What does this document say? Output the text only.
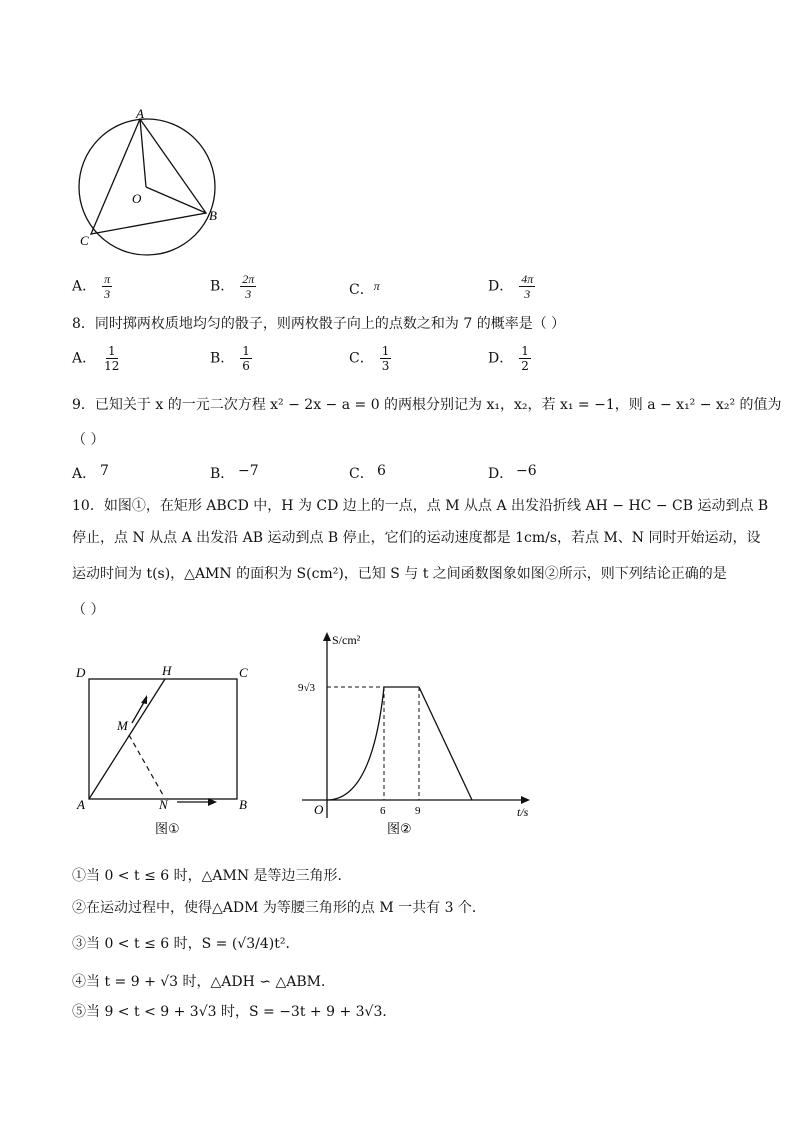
A
B
C
O
A． $\frac{\pi}{3}$	B． $\frac{2\pi}{3}$	C．π	D． $\frac{4\pi}{3}$
8．同时掷两枚质地均匀的骰子，则两枚骰子向上的点数之和为 7 的概率是（ ）
A． $\frac{1}{12}$	B． $\frac{1}{6}$	C． $\frac{1}{3}$	D． $\frac{1}{2}$
9．已知关于 x 的一元二次方程 x² − 2x − a = 0 的两根分别记为 x₁，x₂，若 x₁ = −1，则 a − x₁² − x₂² 的值为
（ ）
A． 7	B． −7	C． 6	D． −6
10．如图①，在矩形 ABCD 中，H 为 CD 边上的一点，点 M 从点 A 出发沿折线 AH − HC − CB 运动到点 B
停止，点 N 从点 A 出发沿 AB 运动到点 B 停止，它们的运动速度都是 1cm/s，若点 M、N 同时开始运动，设
运动时间为 t(s)，△AMN 的面积为 S(cm²)，已知 S 与 t 之间函数图象如图②所示，则下列结论正确的是
（ ）
D	H	C
M
A	N	B
图①
S/cm²
9√3
6	9
O	t/s
图②
①当 0 < t ≤ 6 时，△AMN 是等边三角形．
②在运动过程中，使得△ADM 为等腰三角形的点 M 一共有 3 个．
③当 0 < t ≤ 6 时，S = (√3/4)t²．
④当 t = 9 + √3 时，△ADH ∽ △ABM．
⑤当 9 < t < 9 + 3√3 时，S = −3t + 9 + 3√3．
